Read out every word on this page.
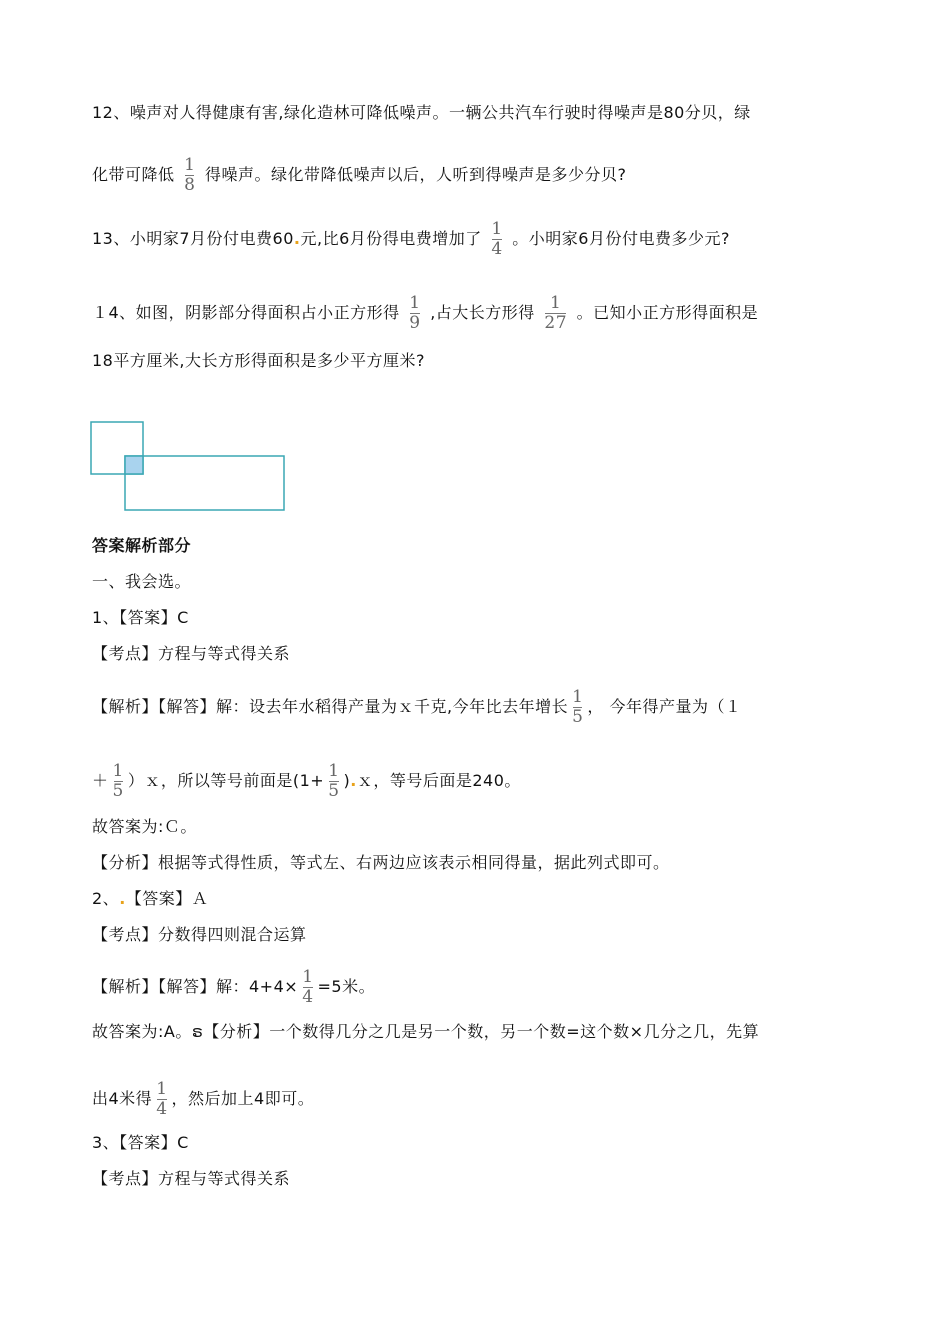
12、噪声对人得健康有害,绿化造林可降低噪声。一辆公共汽车行驶时得噪声是80分贝，绿
化带可降低 $\frac{1}{8}$ 得噪声。绿化带降低噪声以后，人听到得噪声是多少分贝?
13、小明家7月份付电费60.元,比6月份得电费增加了 $\frac{1}{4}$ 。小明家6月份付电费多少元?
１4、如图，阴影部分得面积占小正方形得 $\frac{1}{9}$ ,占大长方形得 $\frac{1}{27}$ 。已知小正方形得面积是
18平方厘米,大长方形得面积是多少平方厘米?
答案解析部分
一、我会选。
1、【答案】C
【考点】方程与等式得关系
【解析】【解答】解：设去年水稻得产量为ｘ千克,今年比去年增长 $\frac{1}{5}$ ， 今年得产量为（１
＋ $\frac{1}{5}$ ）ｘ，所以等号前面是($1+ \frac{1}{5}$ ).ｘ，等号后面是240。
故答案为:Ｃ。
【分析】根据等式得性质，等式左、右两边应该表示相同得量，据此列式即可。
2、.【答案】Ａ
【考点】分数得四则混合运算
【解析】【解答】解：$4+4\times \frac{1}{4} =5$米。
故答案为:A。ຣ【分析】一个数得几分之几是另一个数，另一个数=这个数×几分之几，先算
出4米得 $\frac{1}{4}$ ，然后加上4即可。
3、【答案】C
【考点】方程与等式得关系
